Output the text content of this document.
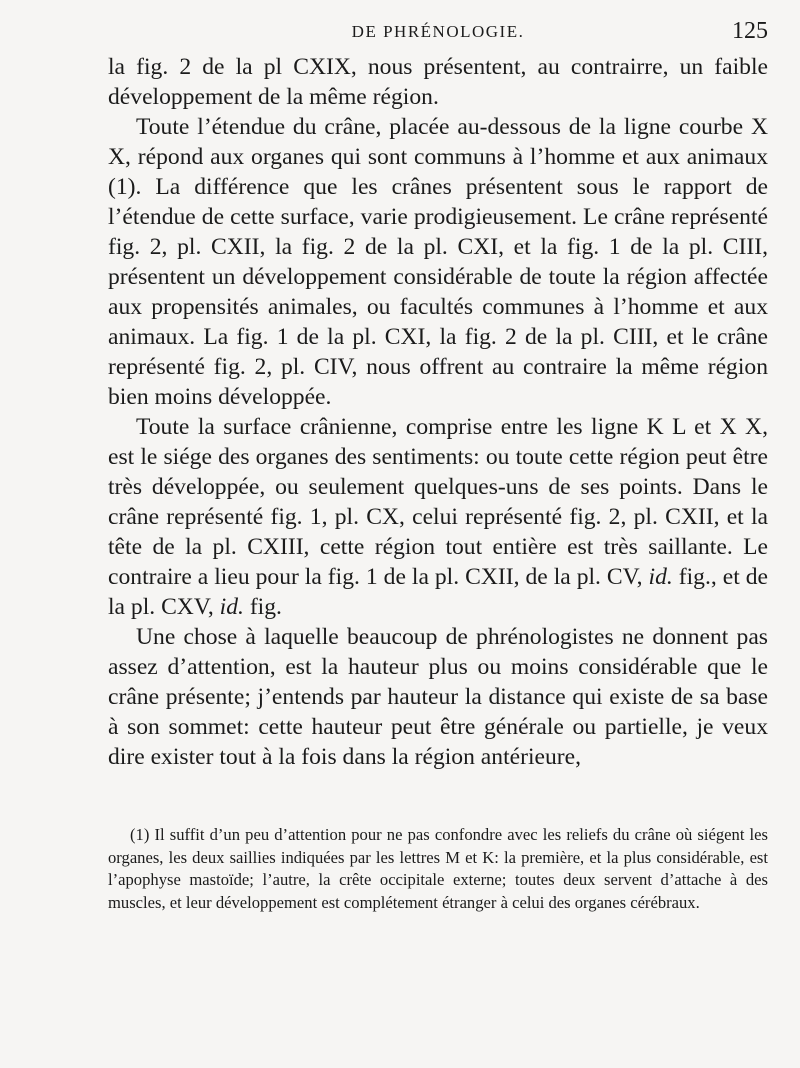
DE PHRÉNOLOGIE.	125

la fig. 2 de la pl CXIX, nous présentent, au contrairre, un faible développement de la même région.

Toute l’étendue du crâne, placée au-dessous de la ligne courbe X X, répond aux organes qui sont communs à l’homme et aux animaux (1). La différence que les crânes présentent sous le rapport de l’étendue de cette surface, varie prodigieusement. Le crâne représenté fig. 2, pl. CXII, la fig. 2 de la pl. CXI, et la fig. 1 de la pl. CIII, présentent un développement considérable de toute la région affectée aux propensités animales, ou facultés communes à l’homme et aux animaux. La fig. 1 de la pl. CXI, la fig. 2 de la pl. CIII, et le crâne représenté fig. 2, pl. CIV, nous offrent au contraire la même région bien moins développée.

Toute la surface crânienne, comprise entre les ligne K L et X X, est le siége des organes des sentiments: ou toute cette région peut être très développée, ou seulement quelques-uns de ses points. Dans le crâne représenté fig. 1, pl. CX, celui représenté fig. 2, pl. CXII, et la tête de la pl. CXIII, cette région tout entière est très saillante. Le contraire a lieu pour la fig. 1 de la pl. CXII, de la pl. CV, id. fig., et de la pl. CXV, id. fig.

Une chose à laquelle beaucoup de phrénologistes ne donnent pas assez d’attention, est la hauteur plus ou moins considérable que le crâne présente; j’entends par hauteur la distance qui existe de sa base à son sommet: cette hauteur peut être générale ou partielle, je veux dire exister tout à la fois dans la région antérieure,

(1) Il suffit d’un peu d’attention pour ne pas confondre avec les reliefs du crâne où siégent les organes, les deux saillies indiquées par les lettres M et K: la première, et la plus considérable, est l’apophyse mastoïde; l’autre, la crête occipitale externe; toutes deux servent d’attache à des muscles, et leur développement est complétement étranger à celui des organes cérébraux.
